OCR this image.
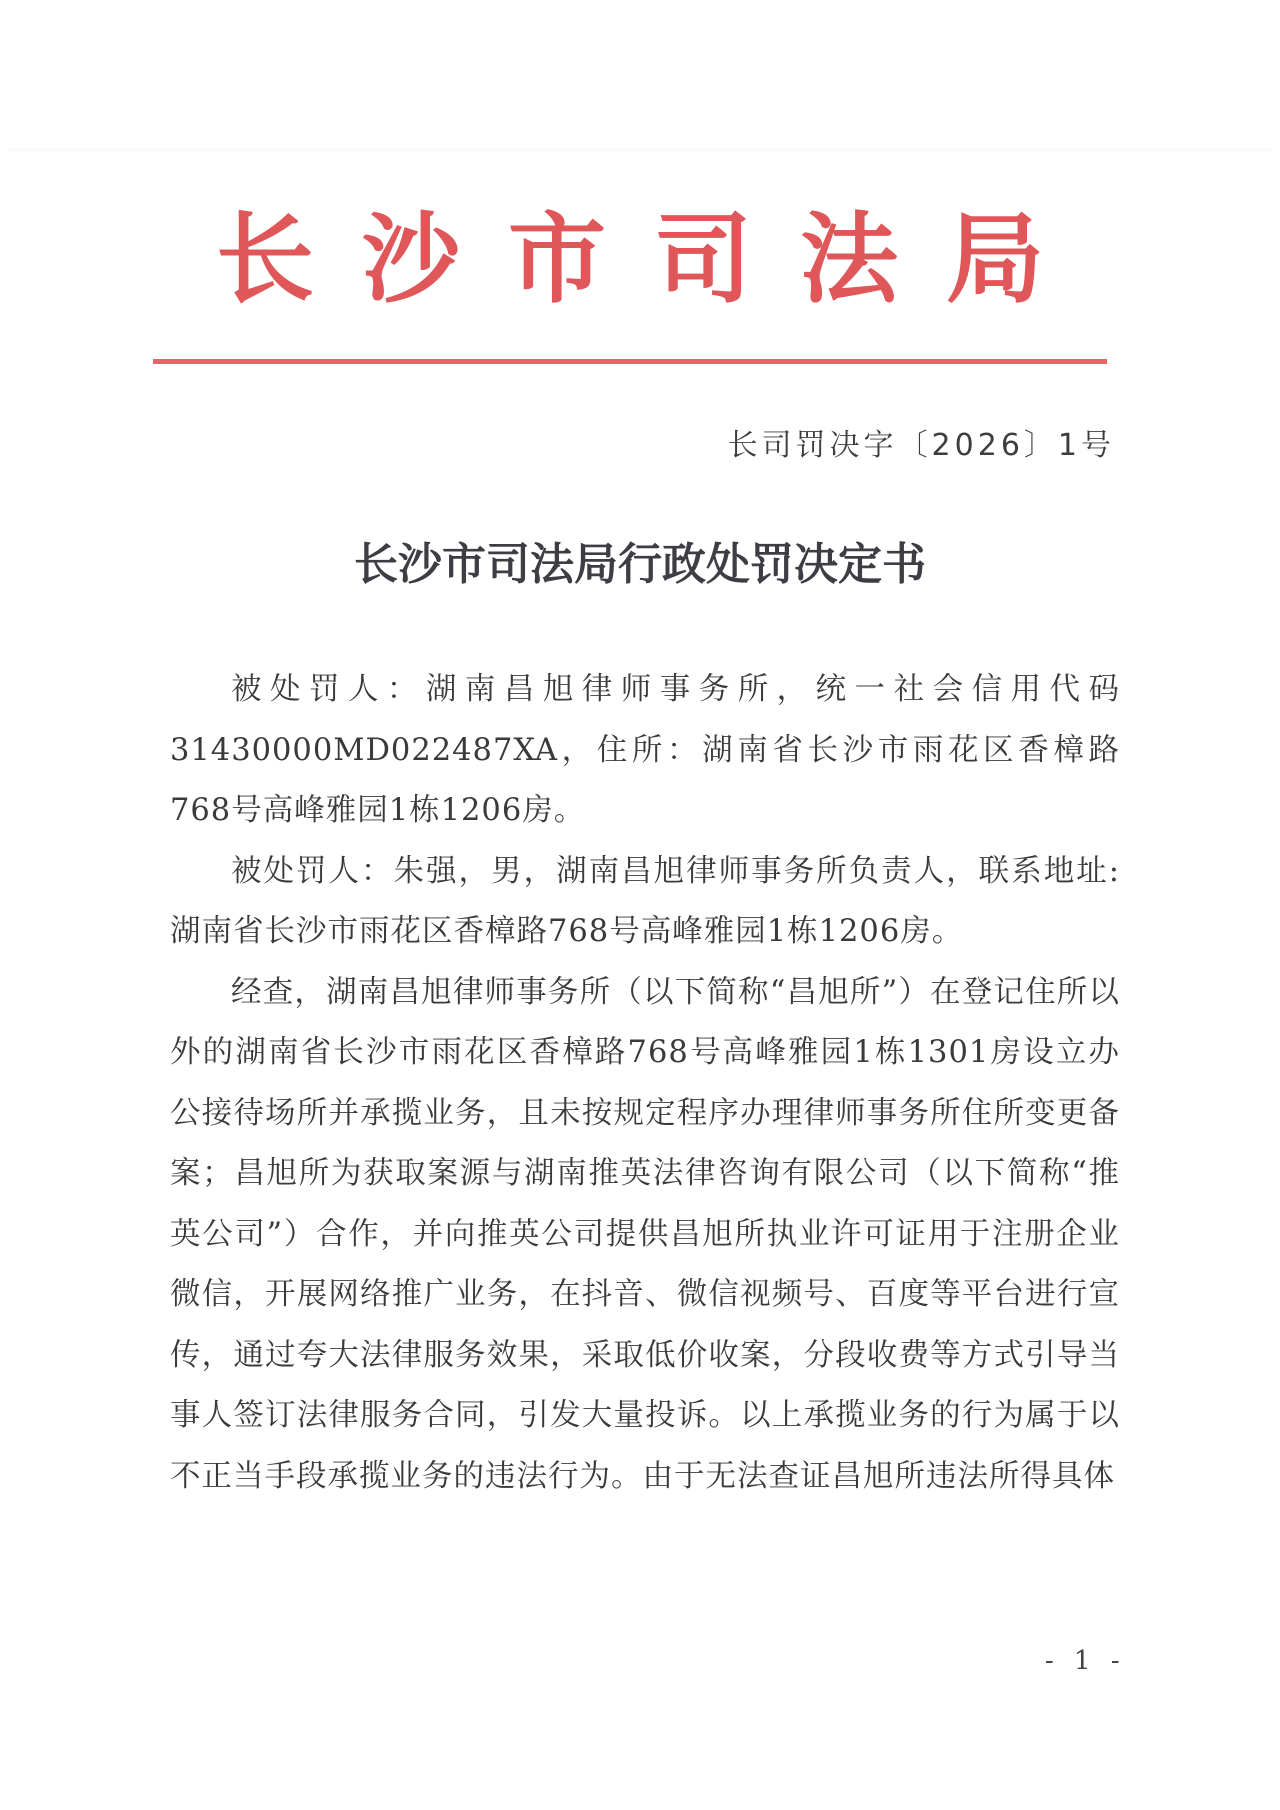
长沙市司法局
长司罚决字〔2026〕1号
长沙市司法局行政处罚决定书

被处罚人：湖南昌旭律师事务所，统一社会信用代码31430000MD022487XA，住所：湖南省长沙市雨花区香樟路768号高峰雅园1栋1206房。

被处罚人：朱强，男，湖南昌旭律师事务所负责人，联系地址:湖南省长沙市雨花区香樟路768号高峰雅园1栋1206房。

经查，湖南昌旭律师事务所（以下简称“昌旭所”）在登记住所以外的湖南省长沙市雨花区香樟路768号高峰雅园1栋1301房设立办公接待场所并承揽业务，且未按规定程序办理律师事务所住所变更备案；昌旭所为获取案源与湖南推英法律咨询有限公司（以下简称“推英公司”）合作，并向推英公司提供昌旭所执业许可证用于注册企业微信，开展网络推广业务，在抖音、微信视频号、百度等平台进行宣传，通过夸大法律服务效果，采取低价收案，分段收费等方式引导当事人签订法律服务合同，引发大量投诉。以上承揽业务的行为属于以不正当手段承揽业务的违法行为。由于无法查证昌旭所违法所得具体

- 1 -
